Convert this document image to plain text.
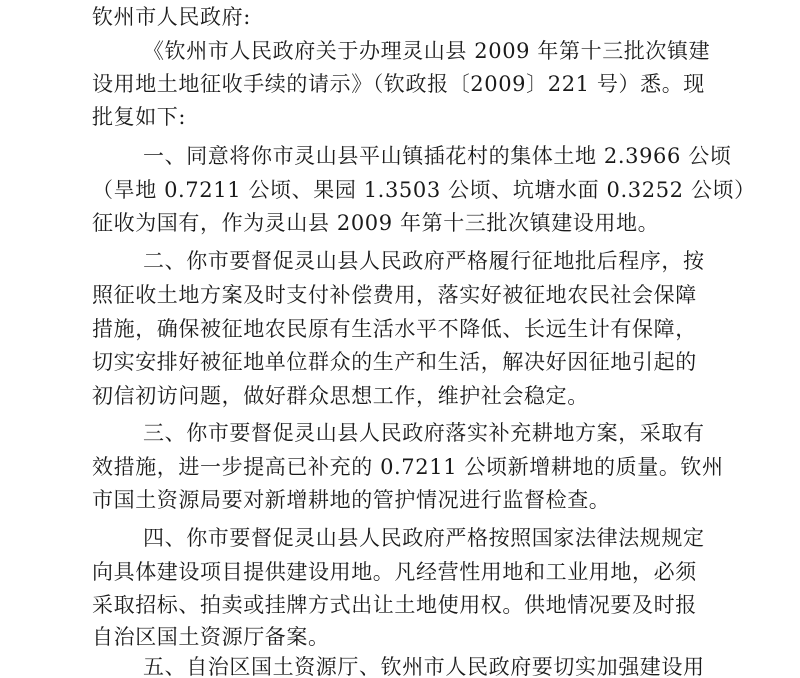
钦州市人民政府:
《钦州市人民政府关于办理灵山县 2009 年第十三批次镇建
设用地土地征收手续的请示》（钦政报〔2009〕221 号）悉。现
批复如下:
一、同意将你市灵山县平山镇插花村的集体土地 2.3966 公顷
（旱地 0.7211 公顷、果园 1.3503 公顷、坑塘水面 0.3252 公顷）
征收为国有，作为灵山县 2009 年第十三批次镇建设用地。
二、你市要督促灵山县人民政府严格履行征地批后程序，按
照征收土地方案及时支付补偿费用，落实好被征地农民社会保障
措施，确保被征地农民原有生活水平不降低、长远生计有保障，
切实安排好被征地单位群众的生产和生活，解决好因征地引起的
初信初访问题，做好群众思想工作，维护社会稳定。
三、你市要督促灵山县人民政府落实补充耕地方案，采取有
效措施，进一步提高已补充的 0.7211 公顷新增耕地的质量。钦州
市国土资源局要对新增耕地的管护情况进行监督检查。
四、你市要督促灵山县人民政府严格按照国家法律法规规定
向具体建设项目提供建设用地。凡经营性用地和工业用地，必须
采取招标、拍卖或挂牌方式出让土地使用权。供地情况要及时报
自治区国土资源厅备案。
五、自治区国土资源厅、钦州市人民政府要切实加强建设用
